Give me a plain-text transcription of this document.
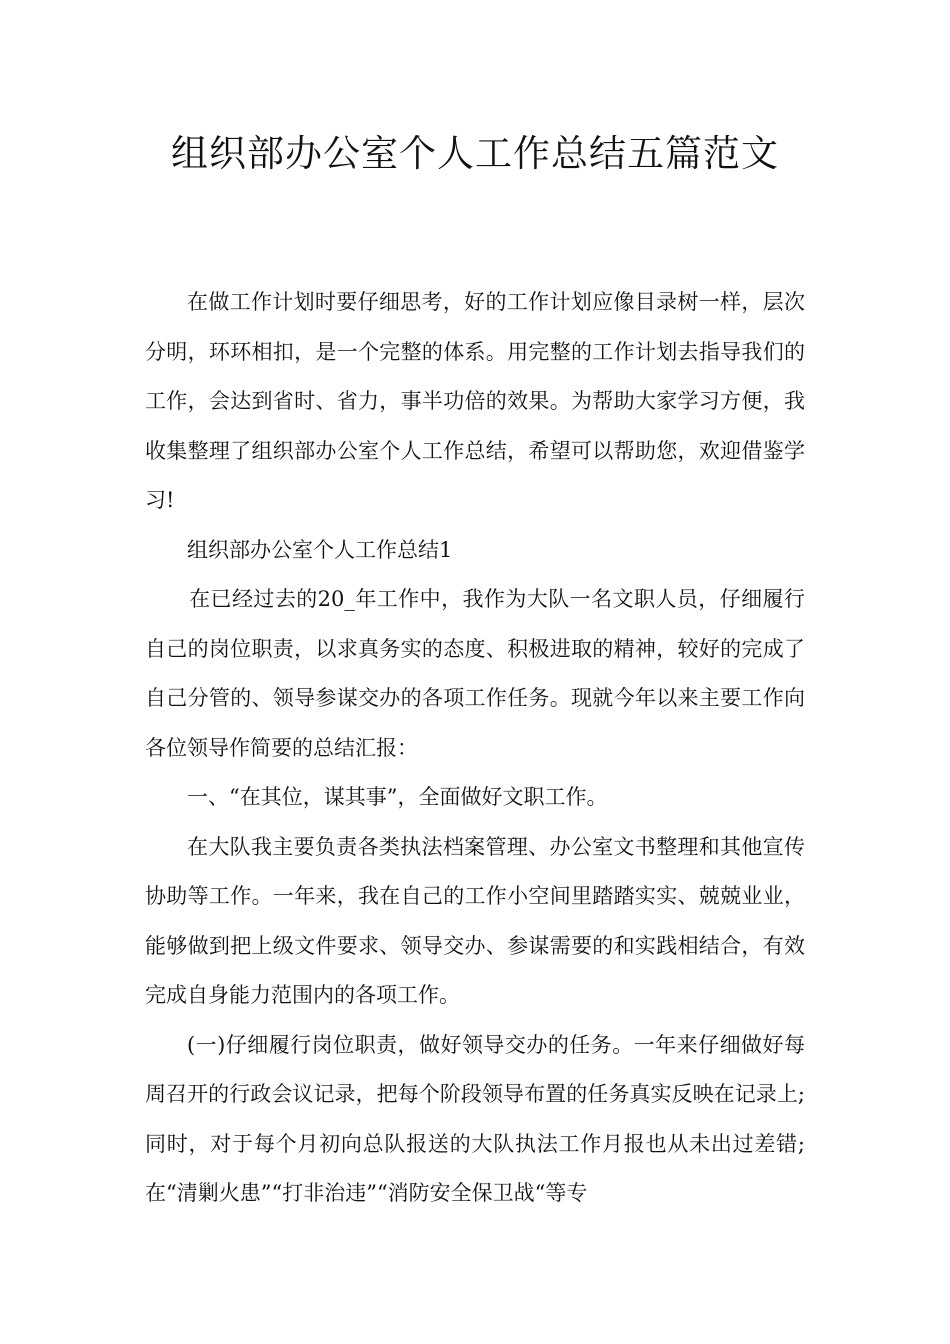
组织部办公室个人工作总结五篇范文

在做工作计划时要仔细思考，好的工作计划应像目录树一样，层次分明，环环相扣，是一个完整的体系。用完整的工作计划去指导我们的工作，会达到省时、省力，事半功倍的效果。为帮助大家学习方便，我收集整理了组织部办公室个人工作总结，希望可以帮助您，欢迎借鉴学习!

组织部办公室个人工作总结1

在已经过去的20_年工作中，我作为大队一名文职人员，仔细履行自己的岗位职责，以求真务实的态度、积极进取的精神，较好的完成了自己分管的、领导参谋交办的各项工作任务。现就今年以来主要工作向各位领导作简要的总结汇报：

一、“在其位，谋其事”，全面做好文职工作。

在大队我主要负责各类执法档案管理、办公室文书整理和其他宣传协助等工作。一年来，我在自己的工作小空间里踏踏实实、兢兢业业，能够做到把上级文件要求、领导交办、参谋需要的和实践相结合，有效完成自身能力范围内的各项工作。

(一)仔细履行岗位职责，做好领导交办的任务。一年来仔细做好每周召开的行政会议记录，把每个阶段领导布置的任务真实反映在记录上;同时，对于每个月初向总队报送的大队执法工作月报也从未出过差错;在“清剿火患”“打非治违”“消防安全保卫战“等专
